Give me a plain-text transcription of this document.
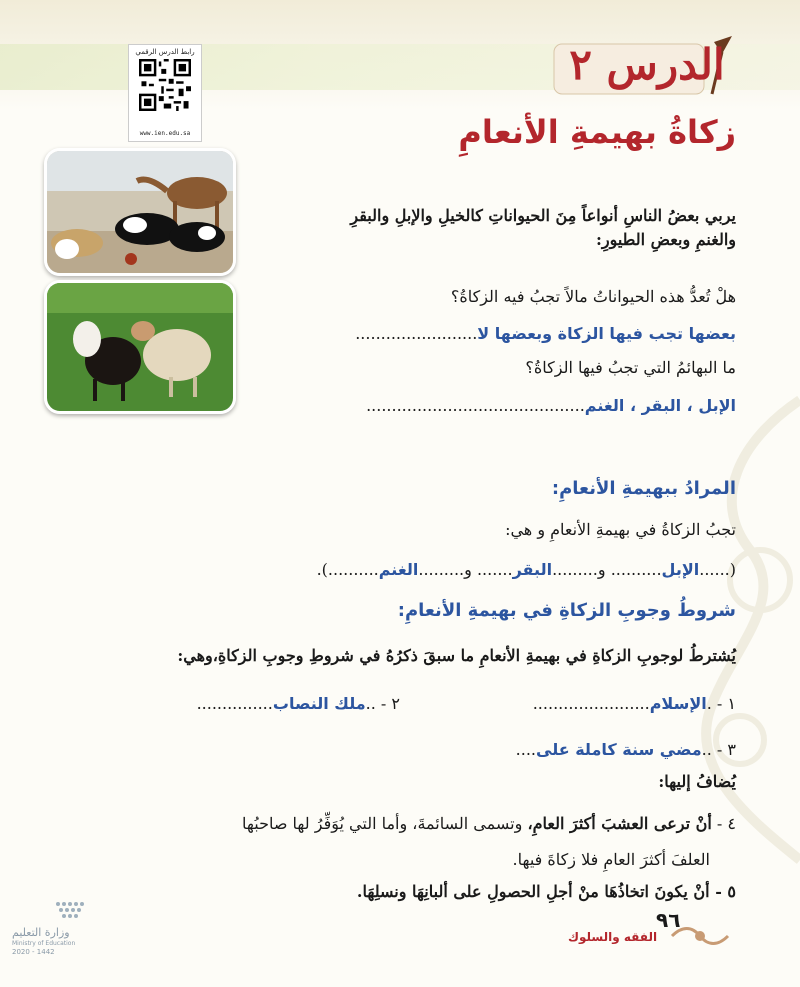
رابط الدرس الرقمي
www.ien.edu.sa
الدرس ٢
زكاةُ بهيمةِ الأنعامِ
يربي بعضُ الناسِ أنواعاً مِنَ الحيواناتِ كالخيلِ والإبلِ والبقرِ
والغنمِ وبعضِ الطيورِ:
هلْ تُعدُّ هذه الحيواناتُ مالاً تجبُ فيه الزكاةُ؟
بعضها تجب فيها الزكاة وبعضها لا........................
ما البهائمُ التي تجبُ فيها الزكاةُ؟
الإبل ، البقر ، الغنم...........................................
المرادُ ببهيمةِ الأنعامِ:
تجبُ الزكاةُ في بهيمةِ الأنعامِ و هي:
(......الإبل.......... و.........البقر....... و.........الغنم..........).
شروطُ وجوبِ الزكاةِ في بهيمةِ الأنعامِ:
يُشترطُ لوجوبِ الزكاةِ في بهيمةِ الأنعامِ ما سبقَ ذكرُهُ في شروطِ وجوبِ الزكاةِ،وهي:
١ - .الإسلام.......................
٢ - ..ملك النصاب...............
٣ - ..مضي سنة كاملة على....
يُضافُ إليها:
٤ - أنْ ترعى العشبَ أكثرَ العامِ، وتسمى السائمةَ، وأما التي يُوَفِّرُ لها صاحبُها
العلفَ أكثرَ العامِ فلا زكاةَ فيها.
٥ - أنْ يكونَ اتخاذُهَا منْ أجلِ الحصولِ على ألبانِهَا ونسلِهَا.
٩٦
الفقه والسلوك
وزارة التعليم
Ministry of Education
2020 - 1442
